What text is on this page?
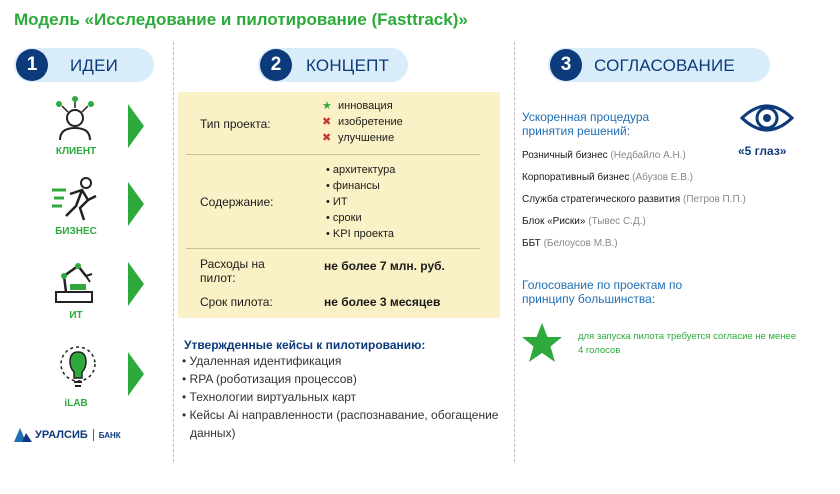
Модель «Исследование и пилотирование (Fasttrack)»
1	ИДЕИ	2	КОНЦЕПТ	3	СОГЛАСОВАНИЕ
КЛИЕНТ
БИЗНЕС
ИТ
iLAB
Тип проекта:
★ инновация
✖ изобретение
✖ улучшение
Содержание:
• архитектура
• финансы
• ИТ
• сроки
• KPI проекта
Расходы на пилот:
не более 7 млн. руб.
Срок пилота:	не более 3 месяцев
Утвержденные кейсы к пилотированию:
• Удаленная идентификация
• RPA (роботизация процессов)
• Технологии виртуальных карт
• Кейсы Ai направленности (распознавание, обогащение данных)
Ускоренная процедура принятия решений:
«5 глаз»
Розничный бизнес (Недбайло А.Н.)
Корпоративный бизнес (Абузов Е.В.)
Служба стратегического развития (Петров П.П.)
Блок «Риски» (Тывес С.Д.)
ББТ (Белоусов М.В.)
Голосование по проектам по принципу большинства:
для запуска пилота требуется согласие не менее 4 голосов
УРАЛСИБ БАНК
